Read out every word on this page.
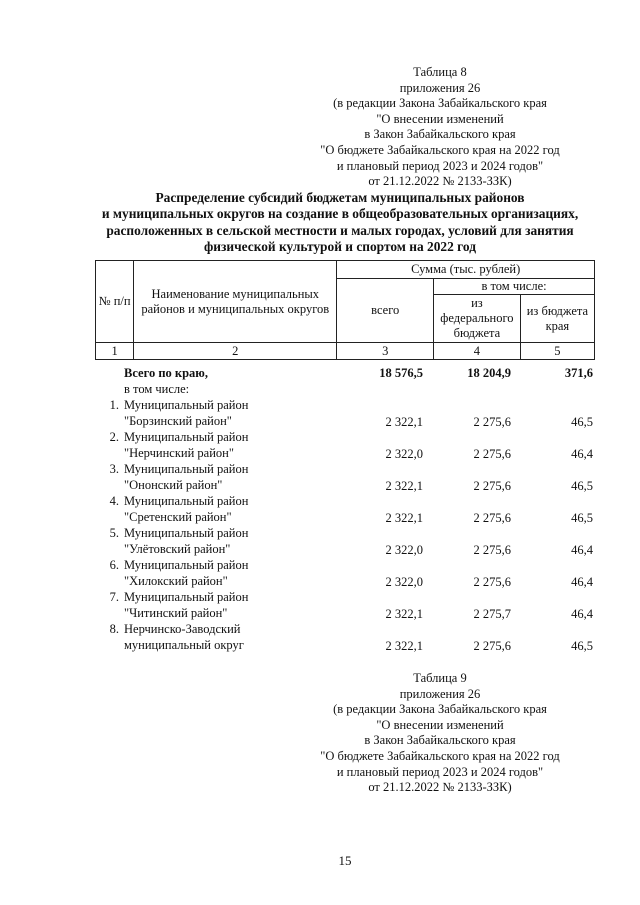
Таблица 8
приложения 26
(в редакции Закона Забайкальского края
"О внесении изменений
в Закон Забайкальского края
"О бюджете Забайкальского края на 2022 год
и плановый период 2023 и 2024 годов"
от 21.12.2022 № 2133-ЗЗК)
Распределение субсидий бюджетам муниципальных районов
и муниципальных округов на создание в общеобразовательных организациях,
расположенных в сельской местности и малых городах, условий для занятия
физической культурой и спортом на 2022 год
№ п/п	Наименование муниципальных районов и муниципальных округов	Сумма (тыс. рублей)		
		всего	в том числе:	
			из федерального бюджета	из бюджета края
1	2	3	4	5
Всего по краю,	18 576,5	18 204,9	371,6
в том числе:
1. Муниципальный район
"Борзинский район"	2 322,1	2 275,6	46,5
2. Муниципальный район
"Нерчинский район"	2 322,0	2 275,6	46,4
3. Муниципальный район
"Ононский район"	2 322,1	2 275,6	46,5
4. Муниципальный район
"Сретенский район"	2 322,1	2 275,6	46,5
5. Муниципальный район
"Улётовский район"	2 322,0	2 275,6	46,4
6. Муниципальный район
"Хилокский район"	2 322,0	2 275,6	46,4
7. Муниципальный район
"Читинский район"	2 322,1	2 275,7	46,4
8. Нерчинско-Заводский
муниципальный округ	2 322,1	2 275,6	46,5
Таблица 9
приложения 26
(в редакции Закона Забайкальского края
"О внесении изменений
в Закон Забайкальского края
"О бюджете Забайкальского края на 2022 год
и плановый период 2023 и 2024 годов"
от 21.12.2022 № 2133-ЗЗК)
15
